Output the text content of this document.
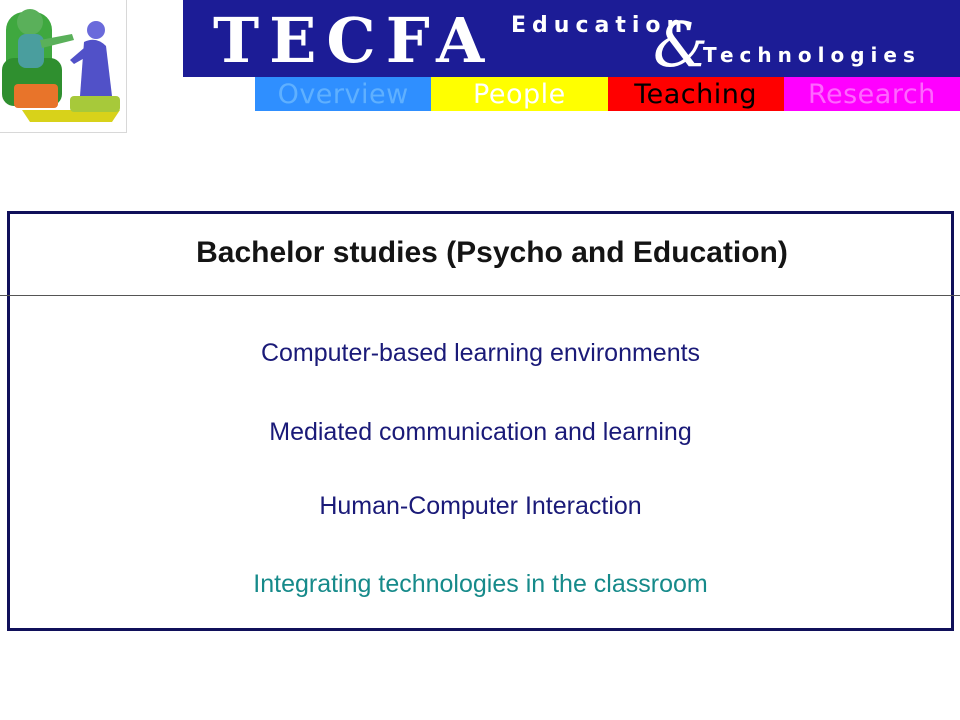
TECFA Education
&
Technologies
Overview	People	Teaching	Research
Bachelor studies (Psycho and Education)
Computer-based learning environments
Mediated communication and learning
Human-Computer Interaction
Integrating technologies in the classroom
